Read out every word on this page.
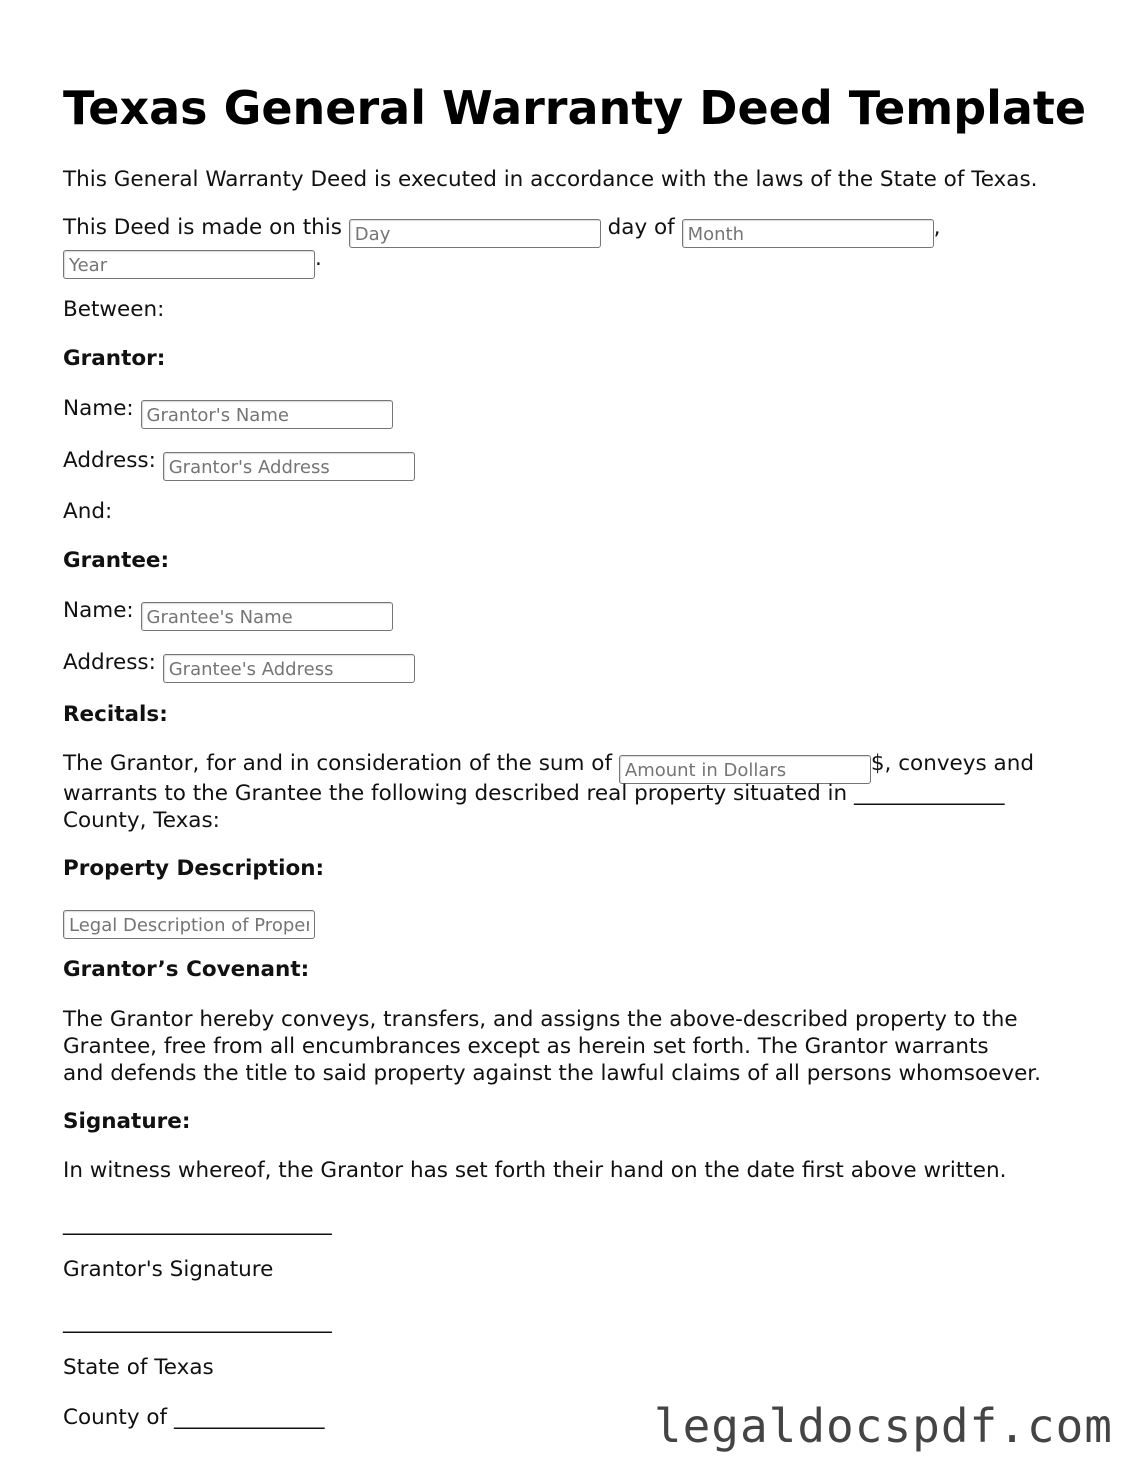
Texas General Warranty Deed Template

This General Warranty Deed is executed in accordance with the laws of the State of Texas.

This Deed is made on this Day	day of Month	,

Year.

Between:

Grantor:

Name: Grantor's Name

Address: Grantor's Address

And:

Grantee:

Name: Grantee's Name

Address: Grantee's Address

Recitals:

The Grantor, for and in consideration of the sum of Amount in Dollars	$, conveys and

warrants to the Grantee the following described real property situated in ______________

County, Texas:

Property Description:

Legal Description of Property

Grantor’s Covenant:

The Grantor hereby conveys, transfers, and assigns the above-described property to the

Grantee, free from all encumbrances except as herein set forth. The Grantor warrants

and defends the title to said property against the lawful claims of all persons whomsoever.

Signature:

In witness whereof, the Grantor has set forth their hand on the date first above written.

_________________________

Grantor's Signature

_________________________

State of Texas

County of ______________	legaldocspdf.com
